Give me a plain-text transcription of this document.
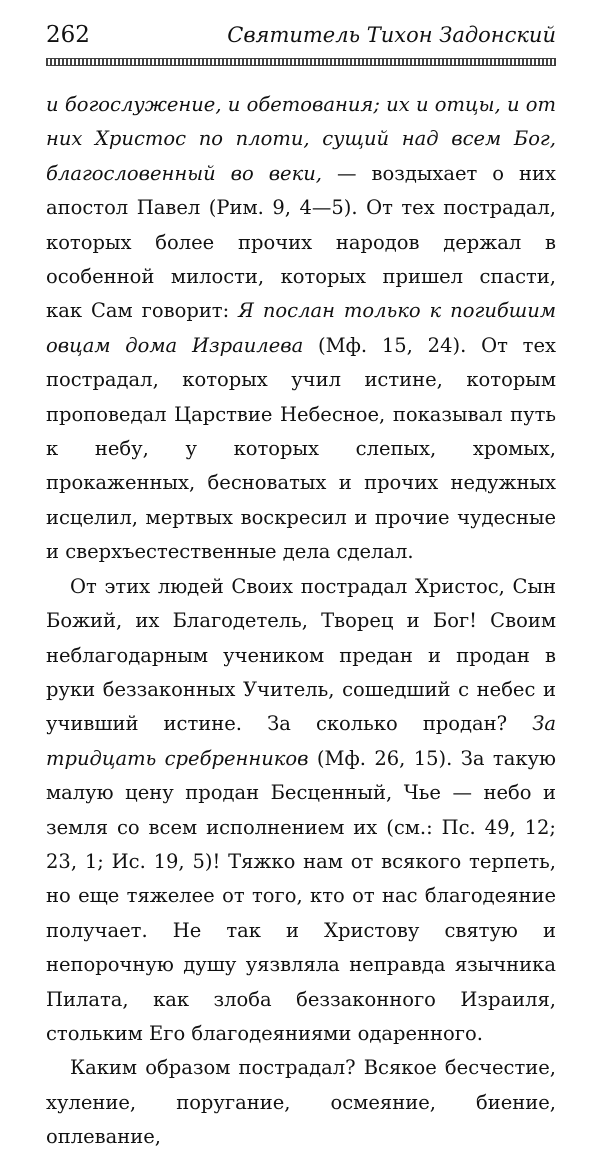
262	Святитель Тихон Задонский

и богослужение, и обетования; их и отцы, и от них Христос по плоти, сущий над всем Бог, благословенный во веки, — воздыхает о них апостол Павел (Рим. 9, 4—5). От тех пострадал, которых более прочих народов держал в особенной милости, которых пришел спасти, как Сам говорит: Я послан только к погибшим овцам дома Израилева (Мф. 15, 24). От тех пострадал, которых учил истине, которым проповедал Царствие Небесное, показывал путь к небу, у которых слепых, хромых, прокаженных, бесноватых и прочих недужных исцелил, мертвых воскресил и прочие чудесные и сверхъестественные дела сделал.

От этих людей Своих пострадал Христос, Сын Божий, их Благодетель, Творец и Бог! Своим неблагодарным учеником предан и продан в руки беззаконных Учитель, сошедший с небес и учивший истине. За сколько продан? За тридцать сребренников (Мф. 26, 15). За такую малую цену продан Бесценный, Чье — небо и земля со всем исполнением их (см.: Пс. 49, 12; 23, 1; Ис. 19, 5)! Тяжко нам от всякого терпеть, но еще тяжелее от того, кто от нас благодеяние получает. Не так и Христову святую и непорочную душу уязвляла неправда язычника Пилата, как злоба беззаконного Израиля, стольким Его благодеяниями одаренного.

Каким образом пострадал? Всякое бесчестие, хуление, поругание, осмеяние, биение, оплевание,
